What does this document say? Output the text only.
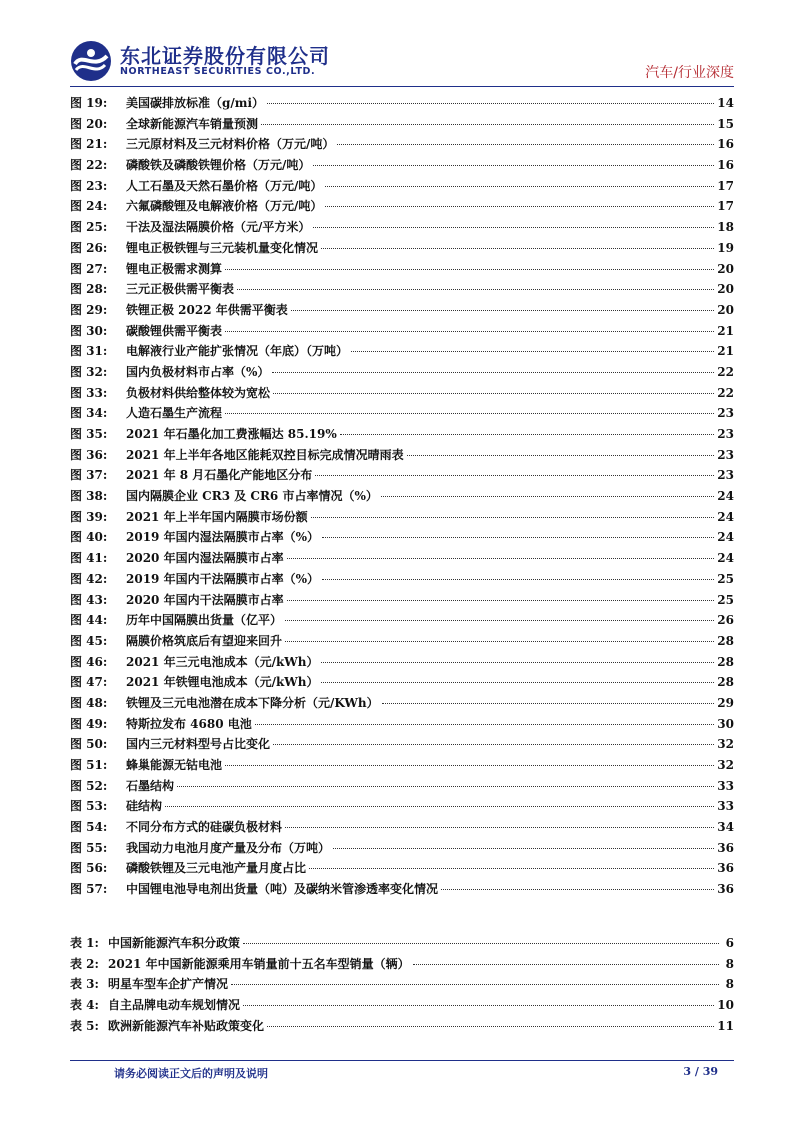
东北证券股份有限公司
NORTHEAST SECURITIES CO.,LTD.	汽车/行业深度
图 19:	美国碳排放标准（g/mi）	14
图 20:	全球新能源汽车销量预测	15
图 21:	三元原材料及三元材料价格（万元/吨）	16
图 22:	磷酸铁及磷酸铁锂价格（万元/吨）	16
图 23:	人工石墨及天然石墨价格（万元/吨）	17
图 24:	六氟磷酸锂及电解液价格（万元/吨）	17
图 25:	干法及湿法隔膜价格（元/平方米）	18
图 26:	锂电正极铁锂与三元装机量变化情况	19
图 27:	锂电正极需求测算	20
图 28:	三元正极供需平衡表	20
图 29:	铁锂正极 2022 年供需平衡表	20
图 30:	碳酸锂供需平衡表	21
图 31:	电解液行业产能扩张情况（年底）（万吨）	21
图 32:	国内负极材料市占率（%）	22
图 33:	负极材料供给整体较为宽松	22
图 34:	人造石墨生产流程	23
图 35:	2021 年石墨化加工费涨幅达 85.19%	23
图 36:	2021 年上半年各地区能耗双控目标完成情况晴雨表	23
图 37:	2021 年 8 月石墨化产能地区分布	23
图 38:	国内隔膜企业 CR3 及 CR6 市占率情况（%）	24
图 39:	2021 年上半年国内隔膜市场份额	24
图 40:	2019 年国内湿法隔膜市占率（%）	24
图 41:	2020 年国内湿法隔膜市占率	24
图 42:	2019 年国内干法隔膜市占率（%）	25
图 43:	2020 年国内干法隔膜市占率	25
图 44:	历年中国隔膜出货量（亿平）	26
图 45:	隔膜价格筑底后有望迎来回升	28
图 46:	2021 年三元电池成本（元/kWh）	28
图 47:	2021 年铁锂电池成本（元/kWh）	28
图 48:	铁锂及三元电池潜在成本下降分析（元/KWh）	29
图 49:	特斯拉发布 4680 电池	30
图 50:	国内三元材料型号占比变化	32
图 51:	蜂巢能源无钴电池	32
图 52:	石墨结构	33
图 53:	硅结构	33
图 54:	不同分布方式的硅碳负极材料	34
图 55:	我国动力电池月度产量及分布（万吨）	36
图 56:	磷酸铁锂及三元电池产量月度占比	36
图 57:	中国锂电池导电剂出货量（吨）及碳纳米管渗透率变化情况	36
表 1: 中国新能源汽车积分政策	6
表 2: 2021 年中国新能源乘用车销量前十五名车型销量（辆）	8
表 3: 明星车型车企扩产情况	8
表 4: 自主品牌电动车规划情况	10
表 5: 欧洲新能源汽车补贴政策变化	11
请务必阅读正文后的声明及说明	3 / 39
